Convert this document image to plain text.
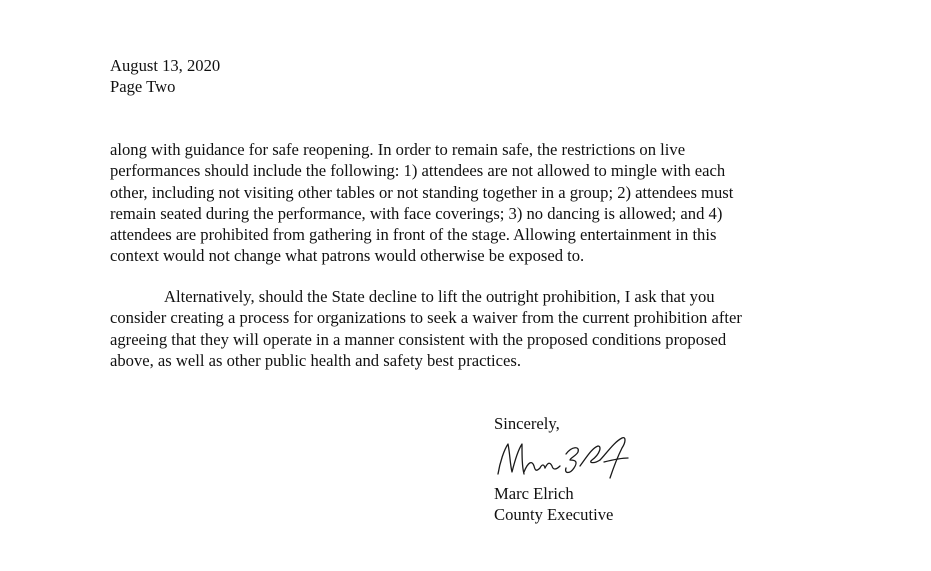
August 13, 2020
Page Two
along with guidance for safe reopening. In order to remain safe, the restrictions on live
performances should include the following: 1) attendees are not allowed to mingle with each
other, including not visiting other tables or not standing together in a group; 2) attendees must
remain seated during the performance, with face coverings; 3) no dancing is allowed; and 4)
attendees are prohibited from gathering in front of the stage. Allowing entertainment in this
context would not change what patrons would otherwise be exposed to.
Alternatively, should the State decline to lift the outright prohibition, I ask that you
consider creating a process for organizations to seek a waiver from the current prohibition after
agreeing that they will operate in a manner consistent with the proposed conditions proposed
above, as well as other public health and safety best practices.
Sincerely,
Marc Elrich
County Executive
